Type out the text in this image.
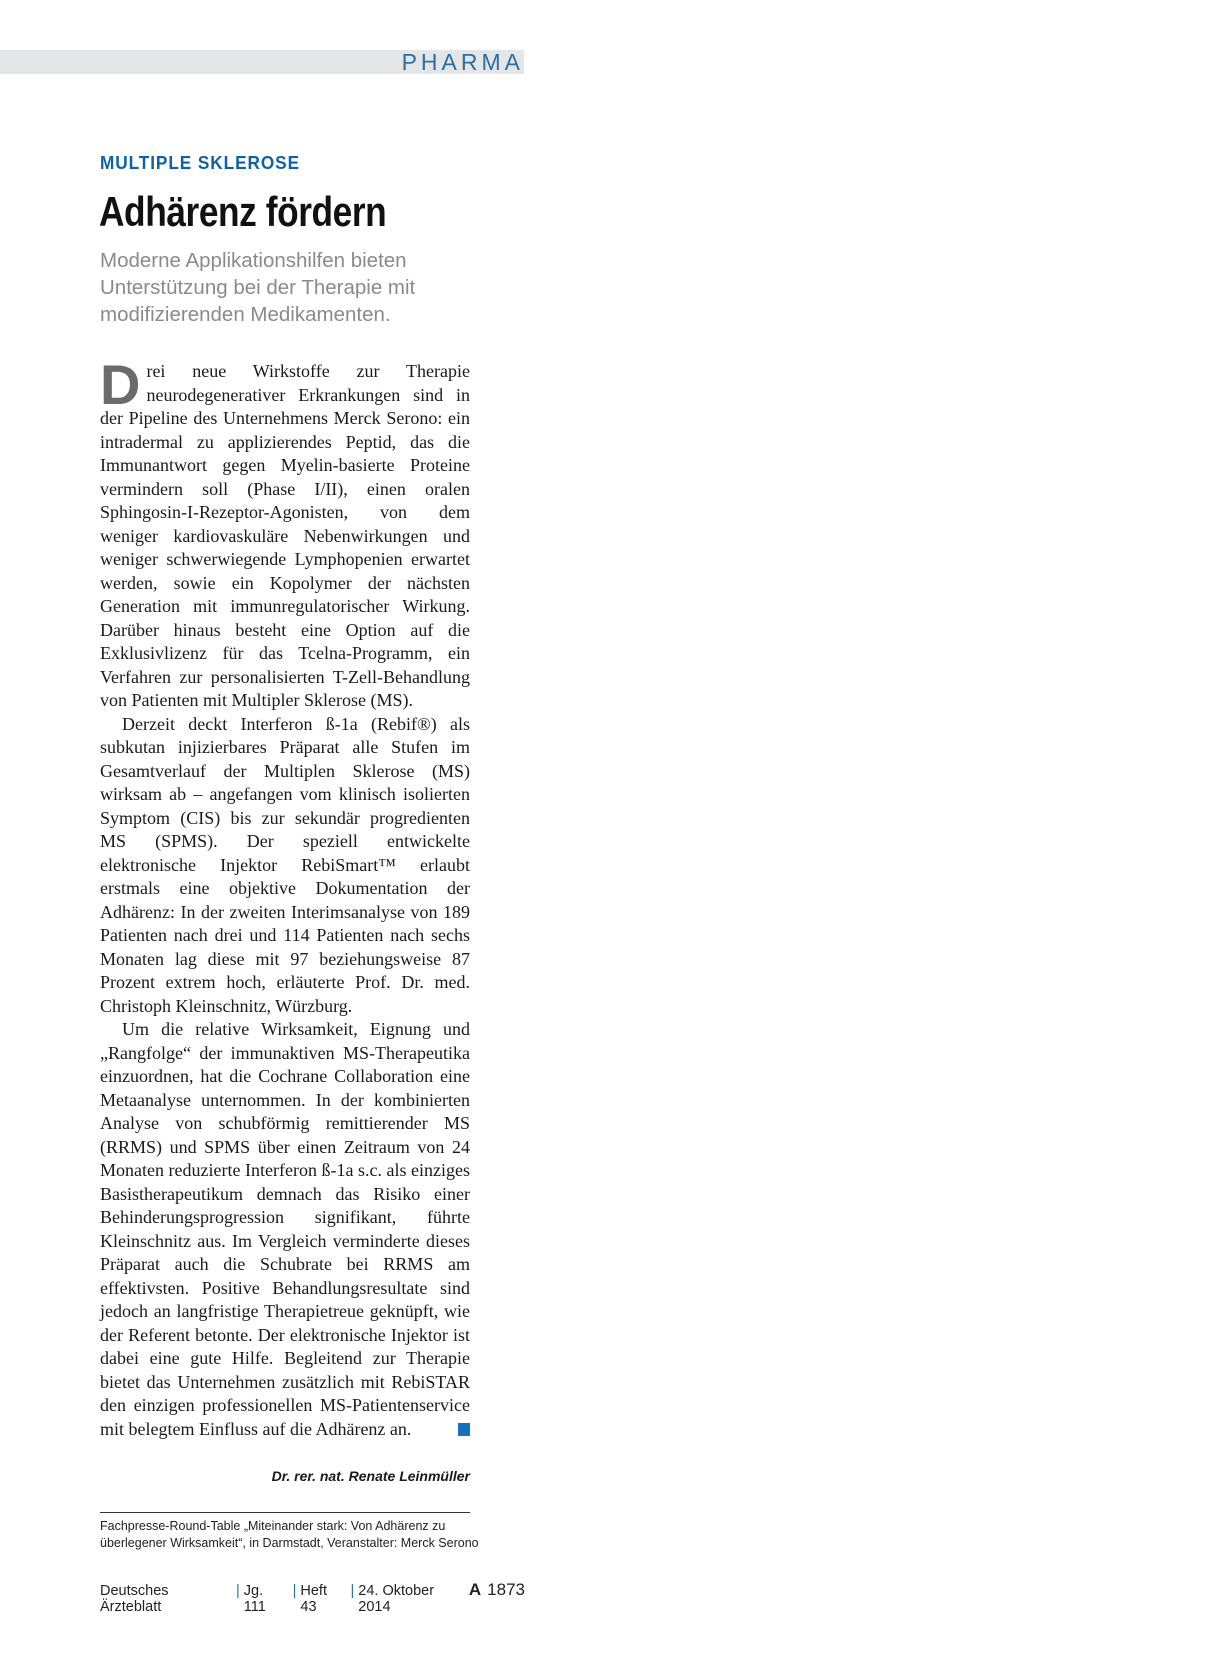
PHARMA
MULTIPLE SKLEROSE
Adhärenz fördern
Moderne Applikationshilfen bieten Unterstützung bei der Therapie mit modifizierenden Medikamenten.

Drei neue Wirkstoffe zur Therapie neurodegenerativer Erkrankungen sind in der Pipeline des Unternehmens Merck Serono: ein intradermal zu applizierendes Peptid, das die Immunantwort gegen Myelin-basierte Proteine vermindern soll (Phase I/II), einen oralen Sphingosin-I-Rezeptor-Agonisten, von dem weniger kardiovaskuläre Nebenwirkungen und weniger schwerwiegende Lymphopenien erwartet werden, sowie ein Kopolymer der nächsten Generation mit immunregulatorischer Wirkung. Darüber hinaus besteht eine Option auf die Exklusivlizenz für das Tcelna-Programm, ein Verfahren zur personalisierten T-Zell-Behandlung von Patienten mit Multipler Sklerose (MS).

Derzeit deckt Interferon ß-1a (Rebif®) als subkutan injizierbares Präparat alle Stufen im Gesamtverlauf der Multiplen Sklerose (MS) wirksam ab – angefangen vom klinisch isolierten Symptom (CIS) bis zur sekundär progredienten MS (SPMS). Der speziell entwickelte elektronische Injektor RebiSmart™ erlaubt erstmals eine objektive Dokumentation der Adhärenz: In der zweiten Interimsanalyse von 189 Patienten nach drei und 114 Patienten nach sechs Monaten lag diese mit 97 beziehungsweise 87 Prozent extrem hoch, erläuterte Prof. Dr. med. Christoph Kleinschnitz, Würzburg.

Um die relative Wirksamkeit, Eignung und „Rangfolge“ der immunaktiven MS-Therapeutika einzuordnen, hat die Cochrane Collaboration eine Metaanalyse unternommen. In der kombinierten Analyse von schubförmig remittierender MS (RRMS) und SPMS über einen Zeitraum von 24 Monaten reduzierte Interferon ß-1a s.c. als einziges Basistherapeutikum demnach das Risiko einer Behinderungsprogression signifikant, führte Kleinschnitz aus. Im Vergleich verminderte dieses Präparat auch die Schubrate bei RRMS am effektivsten. Positive Behandlungsresultate sind jedoch an langfristige Therapietreue geknüpft, wie der Referent betonte. Der elektronische Injektor ist dabei eine gute Hilfe. Begleitend zur Therapie bietet das Unternehmen zusätzlich mit RebiSTAR den einzigen professionellen MS-Patientenservice mit belegtem Einfluss auf die Adhärenz an.

Dr. rer. nat. Renate Leinmüller
Fachpresse-Round-Table „Miteinander stark: Von Adhärenz zu überlegener Wirksamkeit“, in Darmstadt, Veranstalter: Merck Serono
Deutsches Ärzteblatt
| Jg. 111
| Heft 43
| 24. Oktober 2014
A 1873
